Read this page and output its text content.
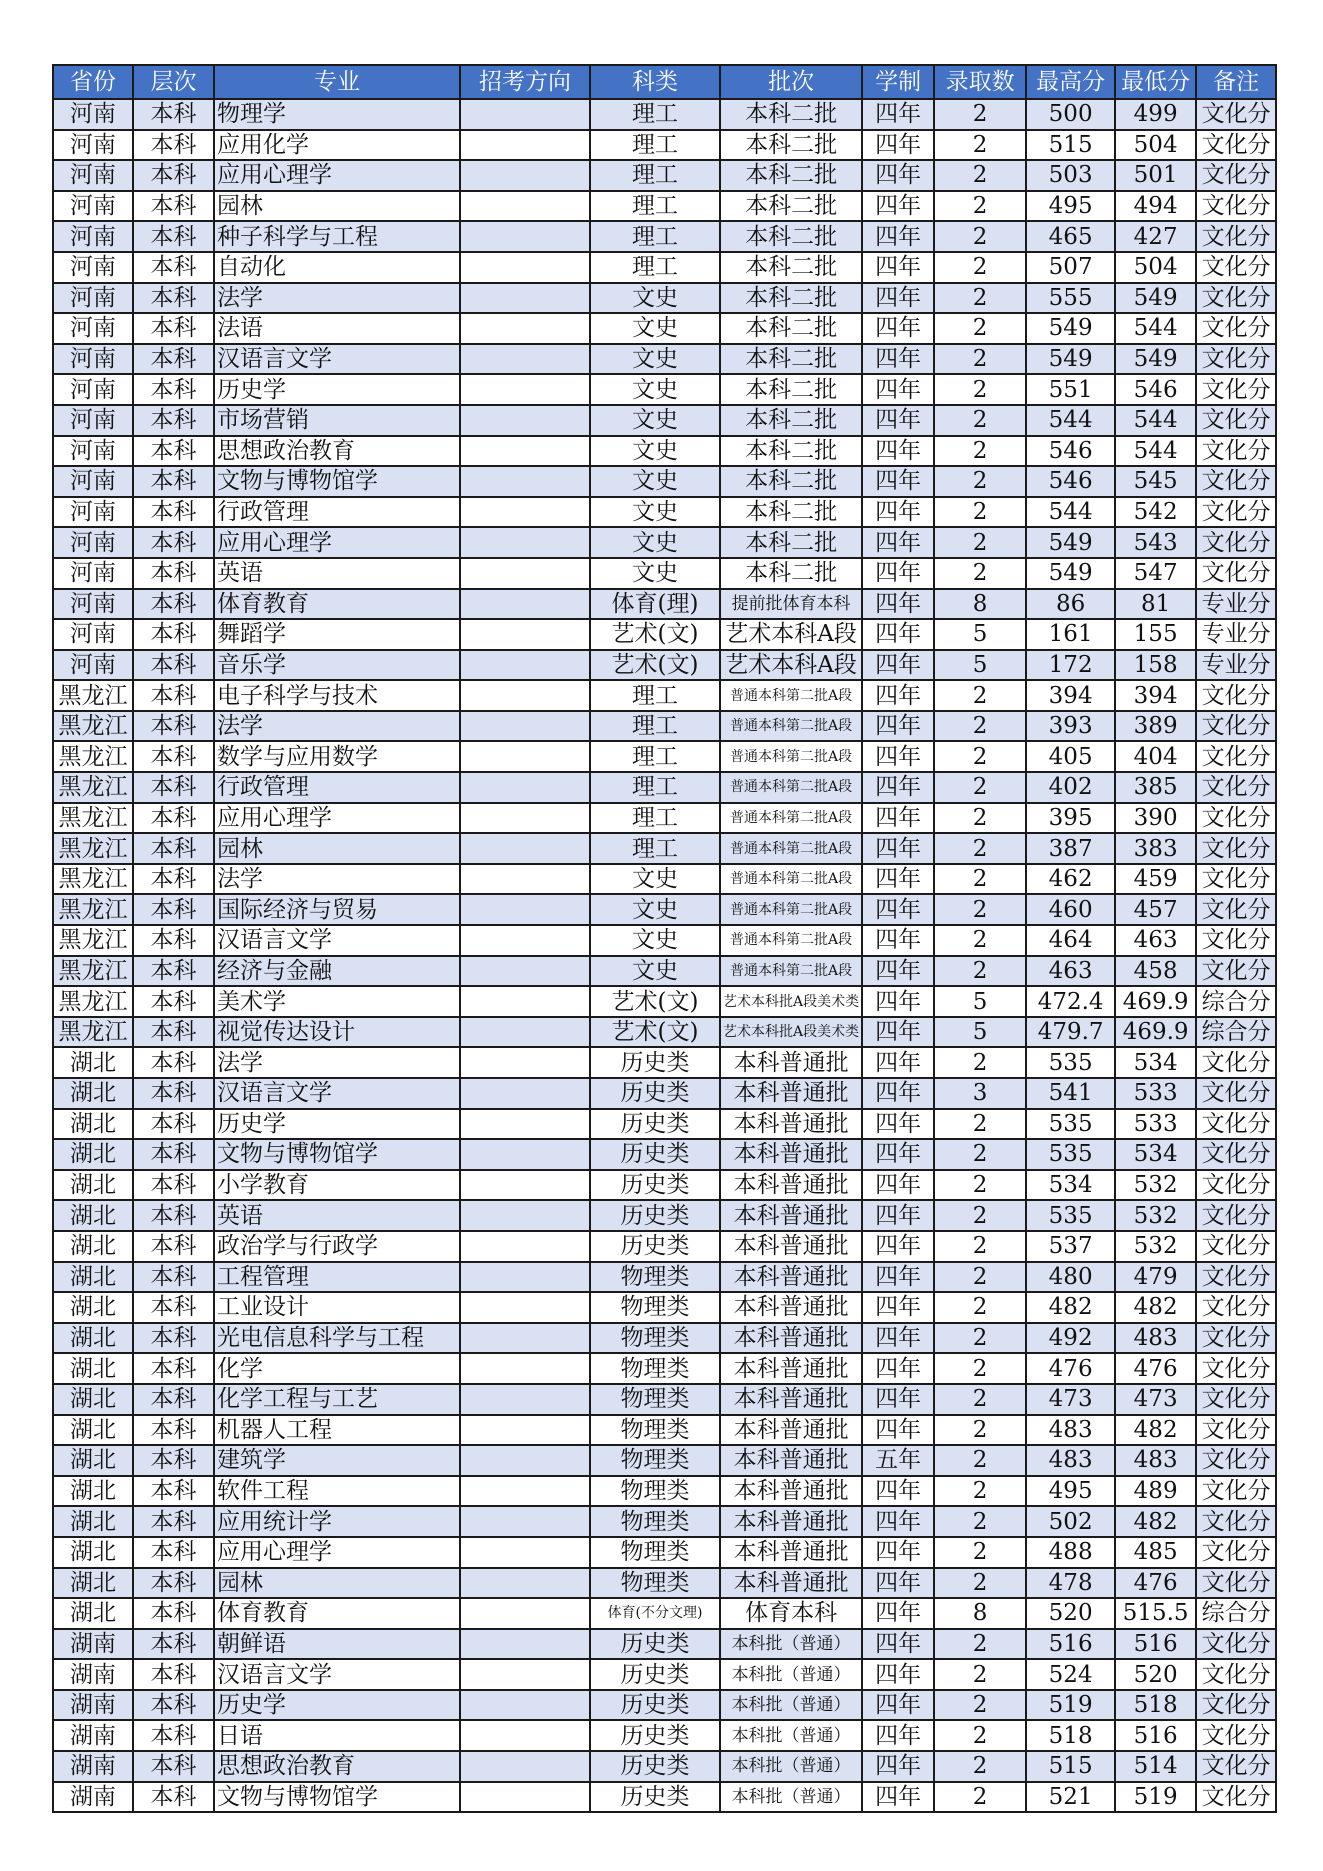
省份	层次	专业	招考方向	科类	批次	学制	录取数	最高分	最低分	备注
河南	本科	物理学		理工	本科二批	四年	2	500	499	文化分
河南	本科	应用化学		理工	本科二批	四年	2	515	504	文化分
河南	本科	应用心理学		理工	本科二批	四年	2	503	501	文化分
河南	本科	园林		理工	本科二批	四年	2	495	494	文化分
河南	本科	种子科学与工程		理工	本科二批	四年	2	465	427	文化分
河南	本科	自动化		理工	本科二批	四年	2	507	504	文化分
河南	本科	法学		文史	本科二批	四年	2	555	549	文化分
河南	本科	法语		文史	本科二批	四年	2	549	544	文化分
河南	本科	汉语言文学		文史	本科二批	四年	2	549	549	文化分
河南	本科	历史学		文史	本科二批	四年	2	551	546	文化分
河南	本科	市场营销		文史	本科二批	四年	2	544	544	文化分
河南	本科	思想政治教育		文史	本科二批	四年	2	546	544	文化分
河南	本科	文物与博物馆学		文史	本科二批	四年	2	546	545	文化分
河南	本科	行政管理		文史	本科二批	四年	2	544	542	文化分
河南	本科	应用心理学		文史	本科二批	四年	2	549	543	文化分
河南	本科	英语		文史	本科二批	四年	2	549	547	文化分
河南	本科	体育教育		体育(理)	提前批体育本科	四年	8	86	81	专业分
河南	本科	舞蹈学		艺术(文)	艺术本科A段	四年	5	161	155	专业分
河南	本科	音乐学		艺术(文)	艺术本科A段	四年	5	172	158	专业分
黑龙江	本科	电子科学与技术		理工	普通本科第二批A段	四年	2	394	394	文化分
黑龙江	本科	法学		理工	普通本科第二批A段	四年	2	393	389	文化分
黑龙江	本科	数学与应用数学		理工	普通本科第二批A段	四年	2	405	404	文化分
黑龙江	本科	行政管理		理工	普通本科第二批A段	四年	2	402	385	文化分
黑龙江	本科	应用心理学		理工	普通本科第二批A段	四年	2	395	390	文化分
黑龙江	本科	园林		理工	普通本科第二批A段	四年	2	387	383	文化分
黑龙江	本科	法学		文史	普通本科第二批A段	四年	2	462	459	文化分
黑龙江	本科	国际经济与贸易		文史	普通本科第二批A段	四年	2	460	457	文化分
黑龙江	本科	汉语言文学		文史	普通本科第二批A段	四年	2	464	463	文化分
黑龙江	本科	经济与金融		文史	普通本科第二批A段	四年	2	463	458	文化分
黑龙江	本科	美术学		艺术(文)	艺术本科批A段美术类	四年	5	472.4	469.9	综合分
黑龙江	本科	视觉传达设计		艺术(文)	艺术本科批A段美术类	四年	5	479.7	469.9	综合分
湖北	本科	法学		历史类	本科普通批	四年	2	535	534	文化分
湖北	本科	汉语言文学		历史类	本科普通批	四年	3	541	533	文化分
湖北	本科	历史学		历史类	本科普通批	四年	2	535	533	文化分
湖北	本科	文物与博物馆学		历史类	本科普通批	四年	2	535	534	文化分
湖北	本科	小学教育		历史类	本科普通批	四年	2	534	532	文化分
湖北	本科	英语		历史类	本科普通批	四年	2	535	532	文化分
湖北	本科	政治学与行政学		历史类	本科普通批	四年	2	537	532	文化分
湖北	本科	工程管理		物理类	本科普通批	四年	2	480	479	文化分
湖北	本科	工业设计		物理类	本科普通批	四年	2	482	482	文化分
湖北	本科	光电信息科学与工程		物理类	本科普通批	四年	2	492	483	文化分
湖北	本科	化学		物理类	本科普通批	四年	2	476	476	文化分
湖北	本科	化学工程与工艺		物理类	本科普通批	四年	2	473	473	文化分
湖北	本科	机器人工程		物理类	本科普通批	四年	2	483	482	文化分
湖北	本科	建筑学		物理类	本科普通批	五年	2	483	483	文化分
湖北	本科	软件工程		物理类	本科普通批	四年	2	495	489	文化分
湖北	本科	应用统计学		物理类	本科普通批	四年	2	502	482	文化分
湖北	本科	应用心理学		物理类	本科普通批	四年	2	488	485	文化分
湖北	本科	园林		物理类	本科普通批	四年	2	478	476	文化分
湖北	本科	体育教育		体育(不分文理)	体育本科	四年	8	520	515.5	综合分
湖南	本科	朝鲜语		历史类	本科批（普通）	四年	2	516	516	文化分
湖南	本科	汉语言文学		历史类	本科批（普通）	四年	2	524	520	文化分
湖南	本科	历史学		历史类	本科批（普通）	四年	2	519	518	文化分
湖南	本科	日语		历史类	本科批（普通）	四年	2	518	516	文化分
湖南	本科	思想政治教育		历史类	本科批（普通）	四年	2	515	514	文化分
湖南	本科	文物与博物馆学		历史类	本科批（普通）	四年	2	521	519	文化分
